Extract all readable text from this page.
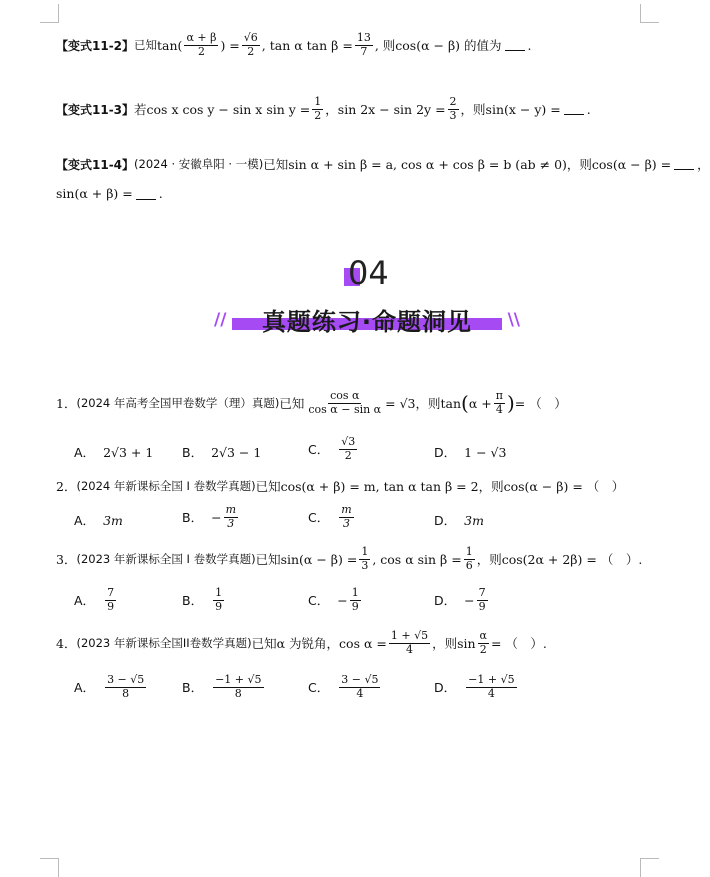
【变式11-2】 已知 $\tan( \frac{\alpha + \beta}{2}$ ) = $\frac{√6}{2}$ , tan α $\tan \beta = \frac{13}{7}$ , 则cos(α − β) 的值为 .
【变式11-3】 若cos x cos y − sin x $\sin y = \frac{1}{2}$ ，$\sin 2x - \sin 2y = \frac{2}{3}$ ，则sin(x − y) = .
【变式11-4】 (2024 · 安徽阜阳 · 一模) 已知sin α + sin β = a, cos α + cos β = b (ab ≠ 0)，则cos(α − β) = ，
sin(α + β) = .
04
//	真题练习·命题洞见	\\
1． (2024 年高考全国甲卷数学（理）真题) 已知 $\frac{\text{cos α}}{\text{cos α − sin α}} = √3$，则tan ( $\alpha + \frac{\pi}{4}$ ) = （　）
A． 2√3 + 1 B． 2√3 − 1	C． $\frac{√3}{2}$	D． 1 − √3
2． (2024 年新课标全国 I 卷数学真题) 已知cos(α + β) = m, tan α tan β = 2，则cos(α − β) = （　）
A． 3m	B． − $\frac{m}{3}$	C． $\frac{m}{3}$	D． 3m
3． (2023 年新课标全国 I 卷数学真题) 已知$\sin(\alpha - \beta) = \frac{1}{3}$ , cos α $\sin \beta = \frac{1}{6}$ ，则cos(2α + 2β) = （　）.
A． $\frac{7}{9}$	B． $\frac{1}{9}$	C． − $\frac{1}{9}$	D． − $\frac{7}{9}$
4． (2023 年新课标全国II卷数学真题) 已知α 为锐角，$\cos \alpha = \frac{1 + √5}{4}$ ，则$\sin \frac{\alpha}{2}$ = （　）.
A． $\frac{3 - √5}{8}$	B． $\frac{-1 + √5}{8}$	C． $\frac{3 - √5}{4}$	D． $\frac{-1 + √5}{4}$
